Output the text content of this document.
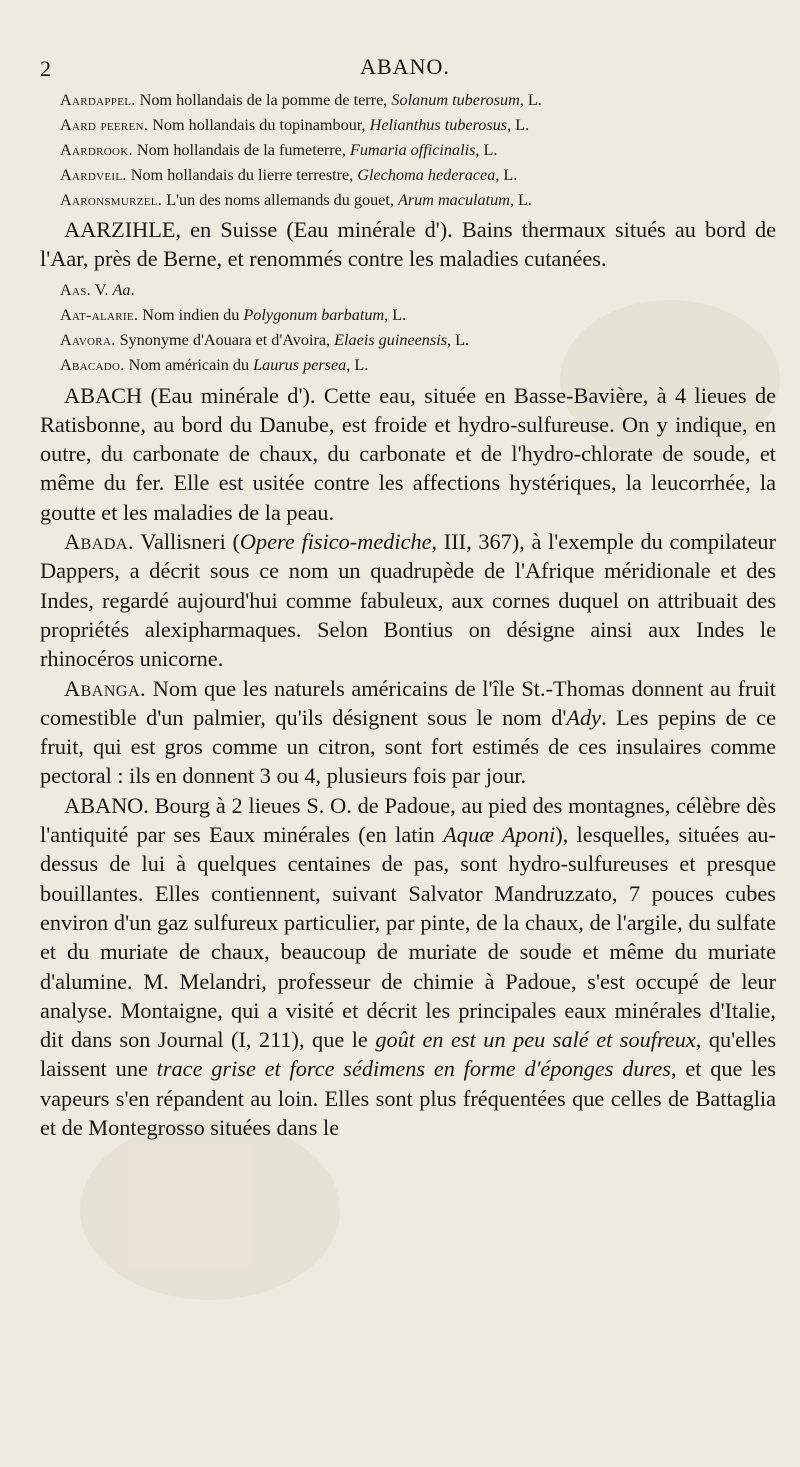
2	ABANO.

Aardappel. Nom hollandais de la pomme de terre, Solanum tuberosum, L.

Aard peeren. Nom hollandais du topinambour, Helianthus tuberosus, L.

Aardrook. Nom hollandais de la fumeterre, Fumaria officinalis, L.

Aardveil. Nom hollandais du lierre terrestre, Glechoma hederacea, L.

Aaronsmurzel. L'un des noms allemands du gouet, Arum maculatum, L.

AARZIHLE, en Suisse (Eau minérale d'). Bains thermaux situés au bord de l'Aar, près de Berne, et renommés contre les maladies cutanées.

Aas. V. Aa.

Aat-alarie. Nom indien du Polygonum barbatum, L.

Aavora. Synonyme d'Aouara et d'Avoira, Elaeis guineensis, L.

Abacado. Nom américain du Laurus persea, L.

ABACH (Eau minérale d'). Cette eau, située en Basse-Bavière, à 4 lieues de Ratisbonne, au bord du Danube, est froide et hydro-sulfureuse. On y indique, en outre, du carbonate de chaux, du carbonate et de l'hydro-chlorate de soude, et même du fer. Elle est usitée contre les affections hystériques, la leucorrhée, la goutte et les maladies de la peau.

Abada. Vallisneri (Opere fisico-mediche, III, 367), à l'exemple du compilateur Dappers, a décrit sous ce nom un quadrupède de l'Afrique méridionale et des Indes, regardé aujourd'hui comme fabuleux, aux cornes duquel on attribuait des propriétés alexipharmaques. Selon Bontius on désigne ainsi aux Indes le rhinocéros unicorne.

Abanga. Nom que les naturels américains de l'île St.-Thomas donnent au fruit comestible d'un palmier, qu'ils désignent sous le nom d'Ady. Les pepins de ce fruit, qui est gros comme un citron, sont fort estimés de ces insulaires comme pectoral : ils en donnent 3 ou 4, plusieurs fois par jour.

ABANO. Bourg à 2 lieues S. O. de Padoue, au pied des montagnes, célèbre dès l'antiquité par ses Eaux minérales (en latin Aquæ Aponi), lesquelles, situées au-dessus de lui à quelques centaines de pas, sont hydro-sulfureuses et presque bouillantes. Elles contiennent, suivant Salvator Mandruzzato, 7 pouces cubes environ d'un gaz sulfureux particulier, par pinte, de la chaux, de l'argile, du sulfate et du muriate de chaux, beaucoup de muriate de soude et même du muriate d'alumine. M. Melandri, professeur de chimie à Padoue, s'est occupé de leur analyse. Montaigne, qui a visité et décrit les principales eaux minérales d'Italie, dit dans son Journal (I, 211), que le goût en est un peu salé et soufreux, qu'elles laissent une trace grise et force sédimens en forme d'éponges dures, et que les vapeurs s'en répandent au loin. Elles sont plus fréquentées que celles de Battaglia et de Montegrosso situées dans le
